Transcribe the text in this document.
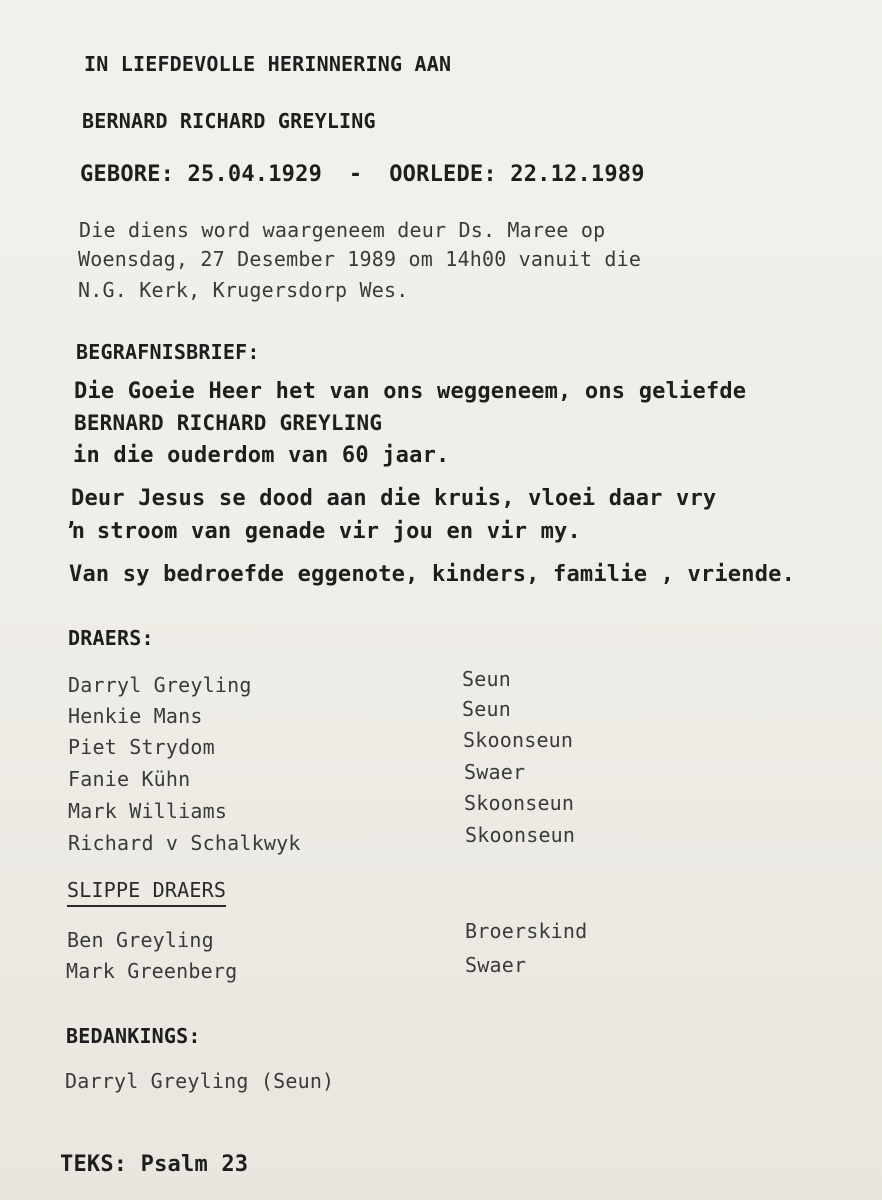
IN LIEFDEVOLLE HERINNERING AAN
BERNARD RICHARD GREYLING
GEBORE: 25.04.1929  -  OORLEDE: 22.12.1989
Die diens word waargeneem deur Ds. Maree op
Woensdag, 27 Desember 1989 om 14h00 vanuit die
N.G. Kerk, Krugersdorp Wes.
BEGRAFNISBRIEF:
Die Goeie Heer het van ons weggeneem, ons geliefde
BERNARD RICHARD GREYLING
in die ouderdom van 60 jaar.
Deur Jesus se dood aan die kruis, vloei daar vry
ŉ stroom van genade vir jou en vir my.
Van sy bedroefde eggenote, kinders, familie , vriende.
DRAERS:
Darryl Greyling	Seun
Henkie Mans	Seun
Piet Strydom	Skoonseun
Fanie Kühn	Swaer
Mark Williams	Skoonseun
Richard v Schalkwyk	Skoonseun
SLIPPE DRAERS
Ben Greyling	Broerskind
Mark Greenberg	Swaer
BEDANKINGS:
Darryl Greyling (Seun)
TEKS: Psalm 23
